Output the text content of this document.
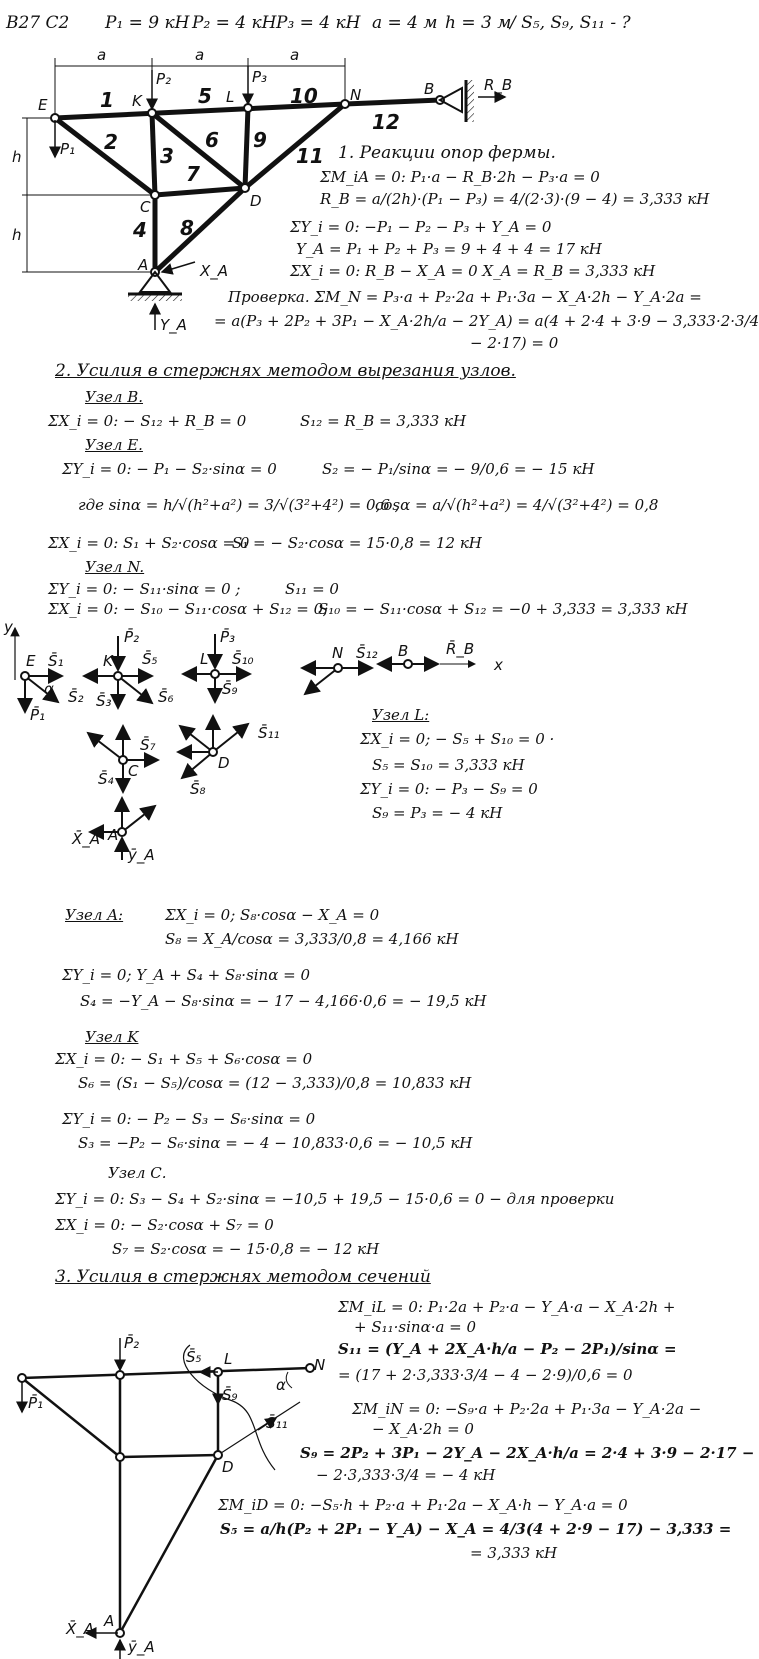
В27 С2 P₁ = 9 кН P₂ = 4 кН P₃ = 4 кН a = 4 м h = 3 м
/ S₅, S₉, S₁₁ - ?
a	a	a
h
h
E	K	L	N	B
C	D
A
1
2
3
4
5
6
7
8
9
10
11
12
P₁
P₂	P₃	R_B
X_A
Y_A
1. Реакции опор фермы.
ΣM_iA = 0: P₁·a − R_B·2h − P₃·a = 0
R_B = a/(2h)·(P₁ − P₃) = 4/(2·3)·(9 − 4) = 3,333 кН
ΣY_i = 0: −P₁ − P₂ − P₃ + Y_A = 0
Y_A = P₁ + P₂ + P₃ = 9 + 4 + 4 = 17 кН
ΣX_i = 0: R_B − X_A = 0 X_A = R_B = 3,333 кН
Проверка. ΣM_N = P₃·a + P₂·2a + P₁·3a − X_A·2h − Y_A·2a =
= a(P₃ + 2P₂ + 3P₁ − X_A·2h/a − 2Y_A) = a(4 + 2·4 + 3·9 − 3,333·2·3/4
− 2·17) = 0
2. Усилия в стержнях методом вырезания узлов.
Узел B.
ΣX_i = 0: − S₁₂ + R_B = 0	S₁₂ = R_B = 3,333 кН
Узел E.
ΣY_i = 0: − P₁ − S₂·sinα = 0	S₂ = − P₁/sinα = − 9/0,6 = − 15 кН
где sinα = h/√(h²+a²) = 3/√(3²+4²) = 0,6 ,
cosα = a/√(h²+a²) = 4/√(3²+4²) = 0,8
ΣX_i = 0: S₁ + S₂·cosα = 0
S₁ = − S₂·cosα = 15·0,8 = 12 кН
Узел N.
ΣY_i = 0: − S₁₁·sinα = 0 ;	S₁₁ = 0
ΣX_i = 0: − S₁₀ − S₁₁·cosα + S₁₂ = 0;
S₁₀ = − S₁₁·cosα + S₁₂ = −0 + 3,333 = 3,333 кН
y
x
E	K	L	N	B
C	D
A
α
S̄₁
S̄₂ S̄₃
S̄₄
S̄₅
S̄₆
S̄₇
S̄₈
S̄₉
S̄₁₀
S̄₁₁
S̄₁₂
P̄₁
P̄₂	P̄₃
R̄_B
X̄_A
ȳ_A
Узел L:
ΣX_i = 0; − S₅ + S₁₀ = 0 ·
S₅ = S₁₀ = 3,333 кН
ΣY_i = 0: − P₃ − S₉ = 0
S₉ = P₃ = − 4 кН
Узел A:	ΣX_i = 0; S₈·cosα − X_A = 0
S₈ = X_A/cosα = 3,333/0,8 = 4,166 кН
ΣY_i = 0; Y_A + S₄ + S₈·sinα = 0
S₄ = −Y_A − S₈·sinα = − 17 − 4,166·0,6 = − 19,5 кН
Узел K
ΣX_i = 0: − S₁ + S₅ + S₆·cosα = 0
S₆ = (S₁ − S₅)/cosα = (12 − 3,333)/0,8 = 10,833 кН
ΣY_i = 0: − P₂ − S₃ − S₆·sinα = 0
S₃ = −P₂ − S₆·sinα = − 4 − 10,833·0,6 = − 10,5 кН
Узел С.
ΣY_i = 0: S₃ − S₄ + S₂·sinα = −10,5 + 19,5 − 15·0,6 = 0 − для проверки
ΣX_i = 0: − S₂·cosα + S₇ = 0
S₇ = S₂·cosα = − 15·0,8 = − 12 кН
3. Усилия в стержнях методом сечений
ΣM_iL = 0: P₁·2a + P₂·a − Y_A·a − X_A·2h +
+ S₁₁·sinα·a = 0
S₁₁ = (Y_A + 2X_A·h/a − P₂ − 2P₁)/sinα =
= (17 + 2·3,333·3/4 − 4 − 2·9)/0,6 = 0
ΣM_iN = 0: −S₉·a + P₂·2a + P₁·3a − Y_A·2a −
− X_A·2h = 0
S₉ = 2P₂ + 3P₁ − 2Y_A − 2X_A·h/a = 2·4 + 3·9 − 2·17 −
− 2·3,333·3/4 = − 4 кН
ΣM_iD = 0: −S₅·h + P₂·a + P₁·2a − X_A·h − Y_A·a = 0
S₅ = a/h(P₂ + 2P₁ − Y_A) − X_A = 4/3(4 + 2·9 − 17) − 3,333 =
= 3,333 кН
P̄₂
S̄₅ L	N
α
P̄₁	S̄₉
S̄₁₁
D
A
X̄_A
ȳ_A
